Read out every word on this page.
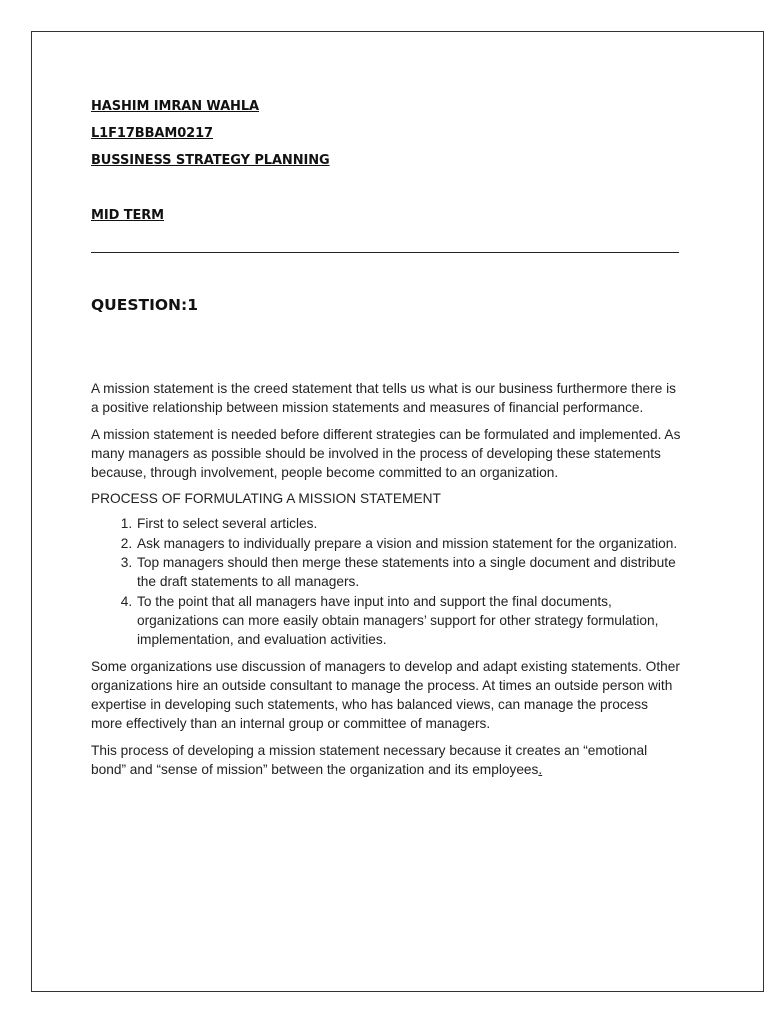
HASHIM IMRAN WAHLA
L1F17BBAM0217
BUSSINESS STRATEGY PLANNING
MID TERM
QUESTION:1

A mission statement is the creed statement that tells us what is our business furthermore there is a positive relationship between mission statements and measures of financial performance.

A mission statement is needed before different strategies can be formulated and implemented. As many managers as possible should be involved in the process of developing these statements because, through involvement, people become committed to an organization.

PROCESS OF FORMULATING A MISSION STATEMENT
1. First to select several articles.
2. Ask managers to individually prepare a vision and mission statement for the organization.
3. Top managers should then merge these statements into a single document and distribute the draft statements to all managers.
4. To the point that all managers have input into and support the final documents, organizations can more easily obtain managers’ support for other strategy formulation, implementation, and evaluation activities.

Some organizations use discussion of managers to develop and adapt existing statements. Other organizations hire an outside consultant to manage the process. At times an outside person with expertise in developing such statements, who has balanced views, can manage the process more effectively than an internal group or committee of managers.

This process of developing a mission statement necessary because it creates an “emotional bond” and “sense of mission” between the organization and its employees.
